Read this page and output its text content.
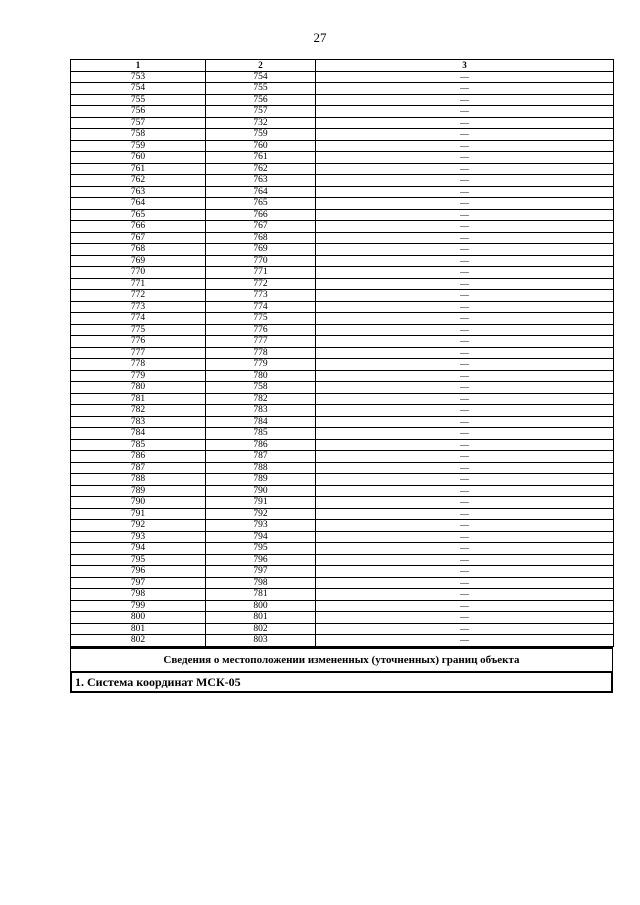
27
1	2	3
753	754	—
754	755	—
755	756	—
756	757	—
757	732	—
758	759	—
759	760	—
760	761	—
761	762	—
762	763	—
763	764	—
764	765	—
765	766	—
766	767	—
767	768	—
768	769	—
769	770	—
770	771	—
771	772	—
772	773	—
773	774	—
774	775	—
775	776	—
776	777	—
777	778	—
778	779	—
779	780	—
780	758	—
781	782	—
782	783	—
783	784	—
784	785	—
785	786	—
786	787	—
787	788	—
788	789	—
789	790	—
790	791	—
791	792	—
792	793	—
793	794	—
794	795	—
795	796	—
796	797	—
797	798	—
798	781	—
799	800	—
800	801	—
801	802	—
802	803	—
Сведения о местоположении измененных (уточненных) границ объекта
1. Система координат МСК-05
